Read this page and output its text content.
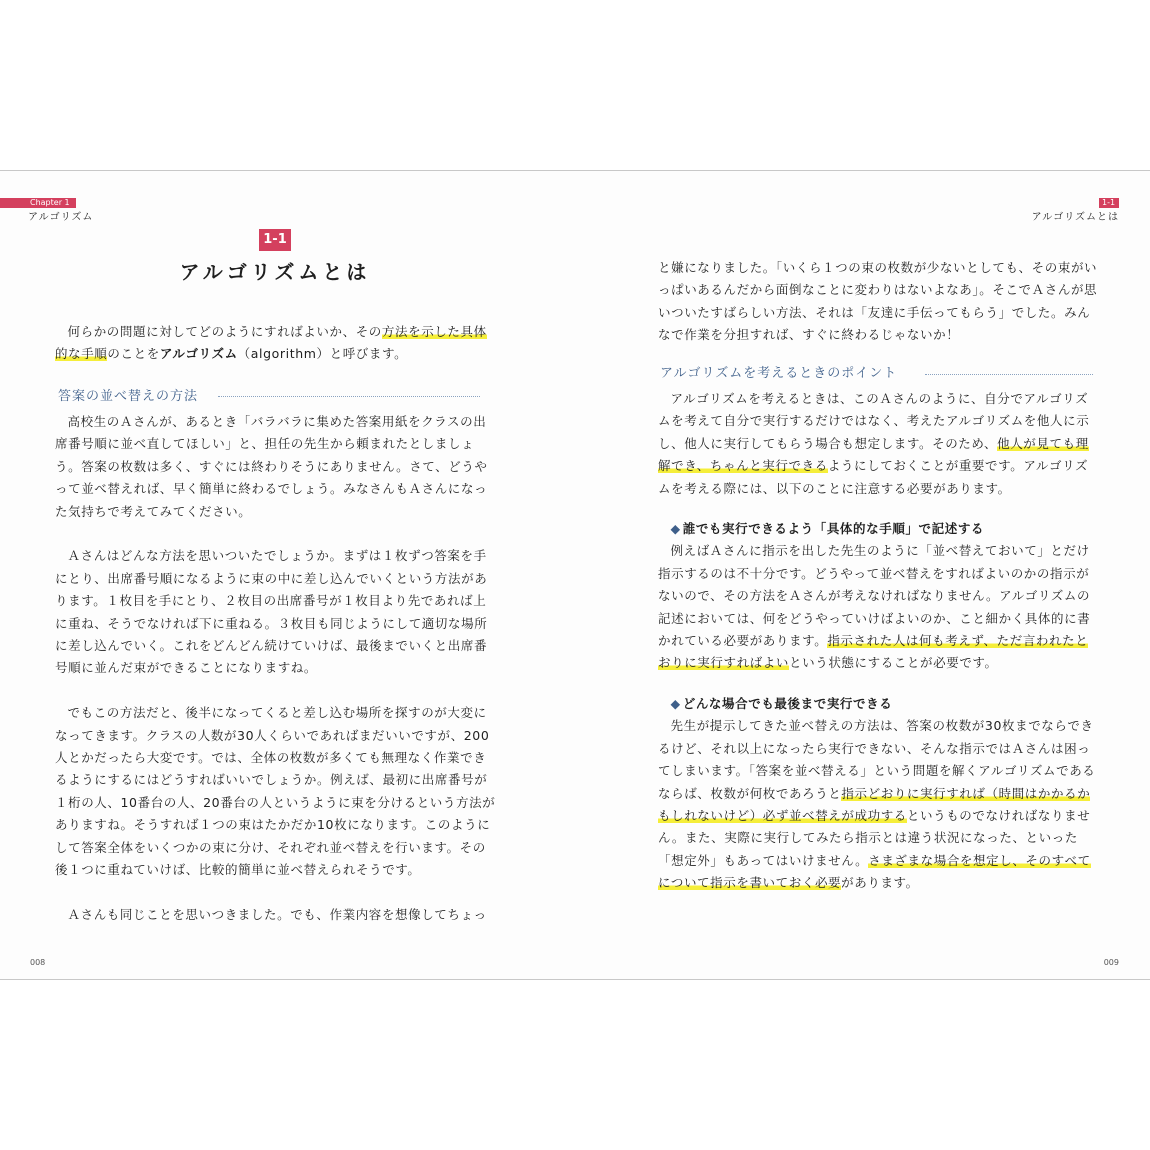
Chapter 1
アルゴリズム
1-1
アルゴリズムとは

何らかの問題に対してどのようにすればよいか、その方法を示した具体
的な手順のことをアルゴリズム（algorithm）と呼びます。

答案の並べ替えの方法

高校生のＡさんが、あるとき「バラバラに集めた答案用紙をクラスの出席番号順に並べ直してほしい」と、担任の先生から頼まれたとしましょう。答案の枚数は多く、すぐには終わりそうにありません。さて、どうやって並べ替えれば、早く簡単に終わるでしょう。みなさんもＡさんになった気持ちで考えてみてください。

Ａさんはどんな方法を思いついたでしょうか。まずは１枚ずつ答案を手にとり、出席番号順になるように束の中に差し込んでいくという方法があります。１枚目を手にとり、２枚目の出席番号が１枚目より先であれば上に重ね、そうでなければ下に重ねる。３枚目も同じようにして適切な場所に差し込んでいく。これをどんどん続けていけば、最後までいくと出席番号順に並んだ束ができることになりますね。

でもこの方法だと、後半になってくると差し込む場所を探すのが大変になってきます。クラスの人数が30人くらいであればまだいいですが、200人とかだったら大変です。では、全体の枚数が多くても無理なく作業できるようにするにはどうすればいいでしょうか。例えば、最初に出席番号が１桁の人、10番台の人、20番台の人というように束を分けるという方法がありますね。そうすれば１つの束はたかだか10枚になります。このようにして答案全体をいくつかの束に分け、それぞれ並べ替えを行います。その後１つに重ねていけば、比較的簡単に並べ替えられそうです。

Ａさんも同じことを思いつきました。でも、作業内容を想像してちょっ

008
1-1
アルゴリズムとは

と嫌になりました。「いくら１つの束の枚数が少ないとしても、その束がいっぱいあるんだから面倒なことに変わりはないよなあ」。そこでＡさんが思いついたすばらしい方法、それは「友達に手伝ってもらう」でした。みんなで作業を分担すれば、すぐに終わるじゃないか！

アルゴリズムを考えるときのポイント

アルゴリズムを考えるときは、このＡさんのように、自分でアルゴリズムを考えて自分で実行するだけではなく、考えたアルゴリズムを他人に示し、他人に実行してもらう場合も想定します。そのため、他人が見ても理解でき、ちゃんと実行できるようにしておくことが重要です。アルゴリズムを考える際には、以下のことに注意する必要があります。

◆ 誰でも実行できるよう「具体的な手順」で記述する

例えばＡさんに指示を出した先生のように「並べ替えておいて」とだけ指示するのは不十分です。どうやって並べ替えをすればよいのかの指示がないので、その方法をＡさんが考えなければなりません。アルゴリズムの記述においては、何をどうやっていけばよいのか、こと細かく具体的に書かれている必要があります。指示された人は何も考えず、ただ言われたとおりに実行すればよいという状態にすることが必要です。

◆ どんな場合でも最後まで実行できる

先生が提示してきた並べ替えの方法は、答案の枚数が30枚までならできるけど、それ以上になったら実行できない、そんな指示ではＡさんは困ってしまいます。「答案を並べ替える」という問題を解くアルゴリズムであるならば、枚数が何枚であろうと指示どおりに実行すれば（時間はかかるかもしれないけど）必ず並べ替えが成功するというものでなければなりません。また、実際に実行してみたら指示とは違う状況になった、といった「想定外」もあってはいけません。さまざまな場合を想定し、そのすべてについて指示を書いておく必要があります。

009
